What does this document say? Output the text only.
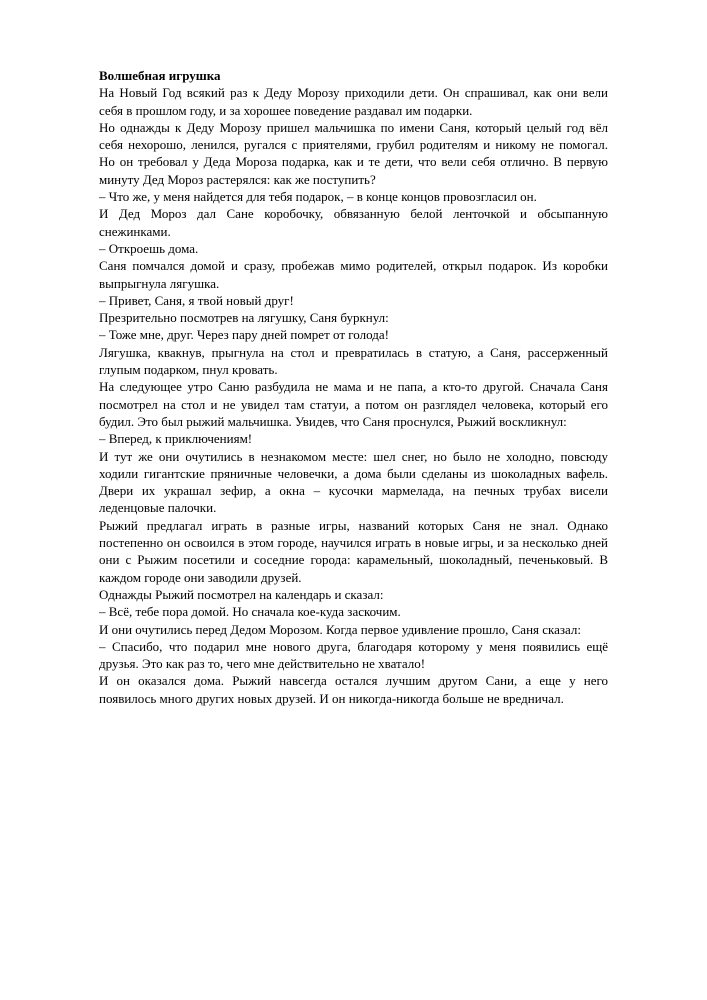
Волшебная игрушка
На Новый Год всякий раз к Деду Морозу приходили дети. Он спрашивал, как они вели
себя в прошлом году, и за хорошее поведение раздавал им подарки.
Но однажды к Деду Морозу пришел мальчишка по имени Саня, который целый год вёл
себя нехорошо, ленился, ругался с приятелями, грубил родителям и никому не помогал.
Но он требовал у Деда Мороза подарка, как и те дети, что вели себя отлично. В первую
минуту Дед Мороз растерялся: как же поступить?
– Что же, у меня найдется для тебя подарок, – в конце концов провозгласил он.
И Дед Мороз дал Сане коробочку, обвязанную белой ленточкой и обсыпанную
снежинками.
– Откроешь дома.
Саня помчался домой и сразу, пробежав мимо родителей, открыл подарок. Из коробки
выпрыгнула лягушка.
– Привет, Саня, я твой новый друг!
Презрительно посмотрев на лягушку, Саня буркнул:
– Тоже мне, друг. Через пару дней помрет от голода!
Лягушка, квакнув, прыгнула на стол и превратилась в статую, а Саня, рассерженный
глупым подарком, пнул кровать.
На следующее утро Саню разбудила не мама и не папа, а кто-то другой. Сначала Саня
посмотрел на стол и не увидел там статуи, а потом он разглядел человека, который его
будил. Это был рыжий мальчишка. Увидев, что Саня проснулся, Рыжий воскликнул:
– Вперед, к приключениям!
И тут же они очутились в незнакомом месте: шел снег, но было не холодно, повсюду
ходили гигантские пряничные человечки, а дома были сделаны из шоколадных вафель.
Двери их украшал зефир, а окна – кусочки мармелада, на печных трубах висели
леденцовые палочки.
Рыжий предлагал играть в разные игры, названий которых Саня не знал. Однако
постепенно он освоился в этом городе, научился играть в новые игры, и за несколько дней
они с Рыжим посетили и соседние города: карамельный, шоколадный, печеньковый. В
каждом городе они заводили друзей.
Однажды Рыжий посмотрел на календарь и сказал:
– Всё, тебе пора домой. Но сначала кое-куда заскочим.
И они очутились перед Дедом Морозом. Когда первое удивление прошло, Саня сказал:
– Спасибо, что подарил мне нового друга, благодаря которому у меня появились ещё
друзья. Это как раз то, чего мне действительно не хватало!
И он оказался дома. Рыжий навсегда остался лучшим другом Сани, а еще у него
появилось много других новых друзей. И он никогда-никогда больше не вредничал.
